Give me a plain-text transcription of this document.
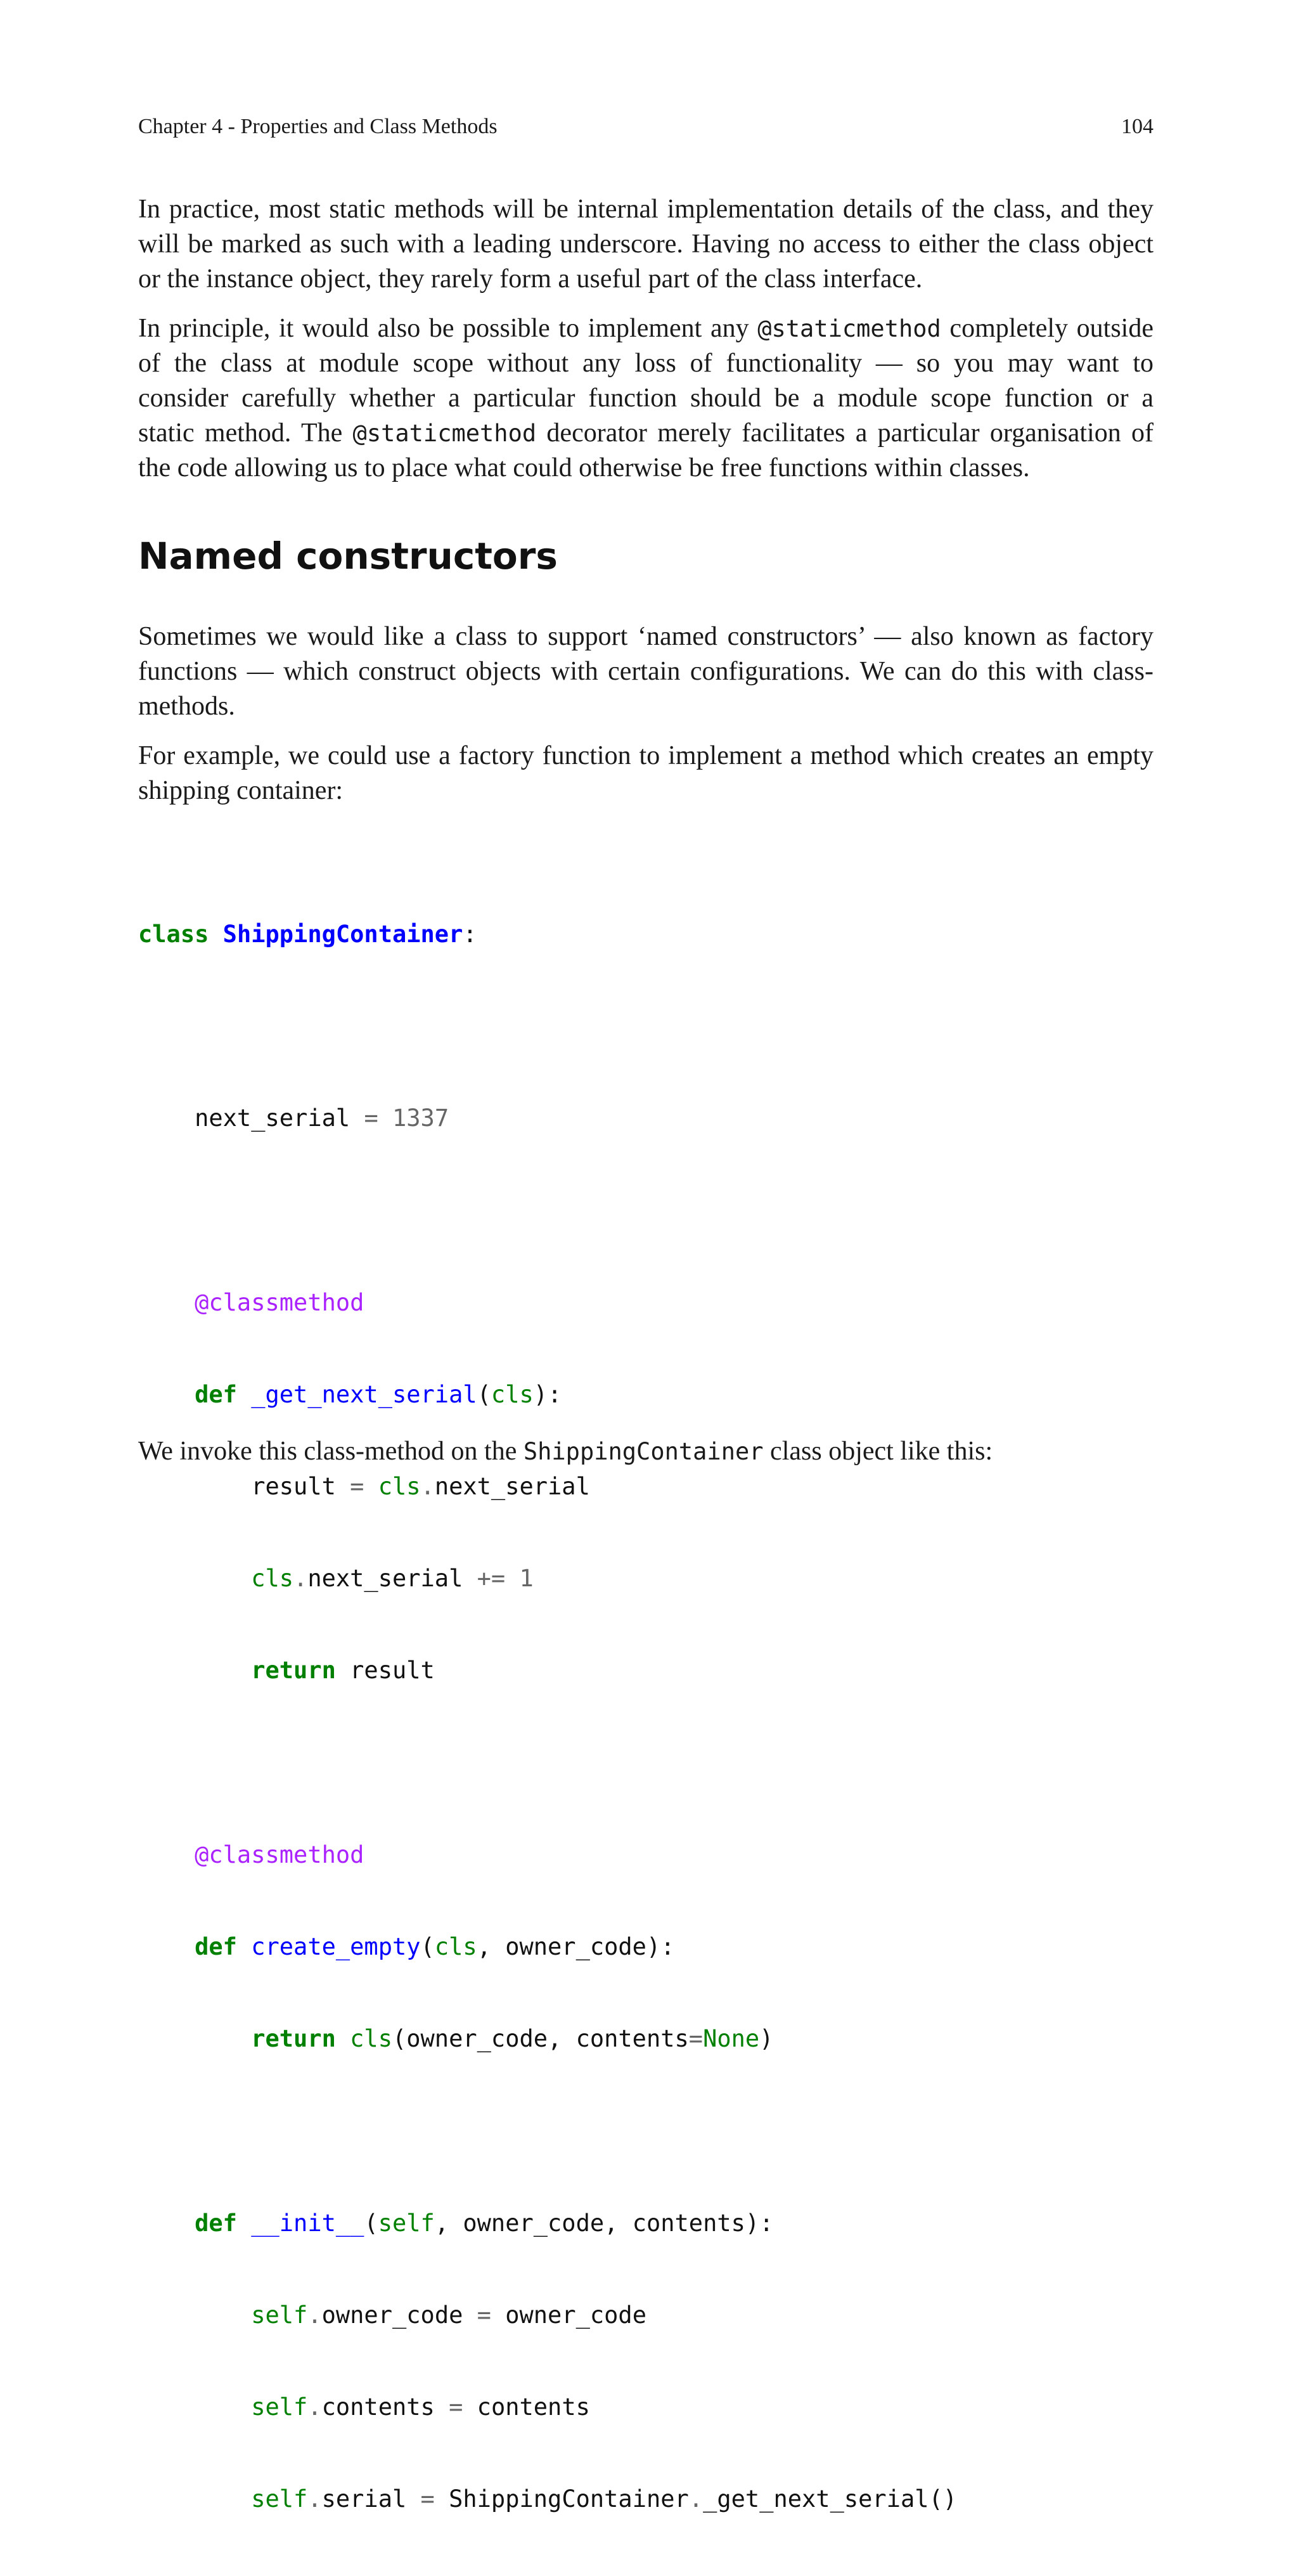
Chapter 4 - Properties and Class Methods	104

In practice, most static methods will be internal implementation details of the class, and they
will be marked as such with a leading underscore. Having no access to either the class object
or the instance object, they rarely form a useful part of the class interface.

In principle, it would also be possible to implement any @staticmethod completely outside
of the class at module scope without any loss of functionality — so you may want to
consider carefully whether a particular function should be a module scope function or a
static method. The @staticmethod decorator merely facilitates a particular organisation of
the code allowing us to place what could otherwise be free functions within classes.

Named constructors

Sometimes we would like a class to support ‘named constructors’ — also known as factory
functions — which construct objects with certain configurations. We can do this with class-
methods.

For example, we could use a factory function to implement a method which creates an empty
shipping container:

class ShippingContainer:

next_serial = 1337

@classmethod

def _get_next_serial(cls):

result = cls.next_serial

cls.next_serial += 1

return result

@classmethod

def create_empty(cls, owner_code):

return cls(owner_code, contents=None)

def __init__(self, owner_code, contents):

self.owner_code = owner_code

self.contents = contents

self.serial = ShippingContainer._get_next_serial()

We invoke this class-method on the ShippingContainer class object like this:
